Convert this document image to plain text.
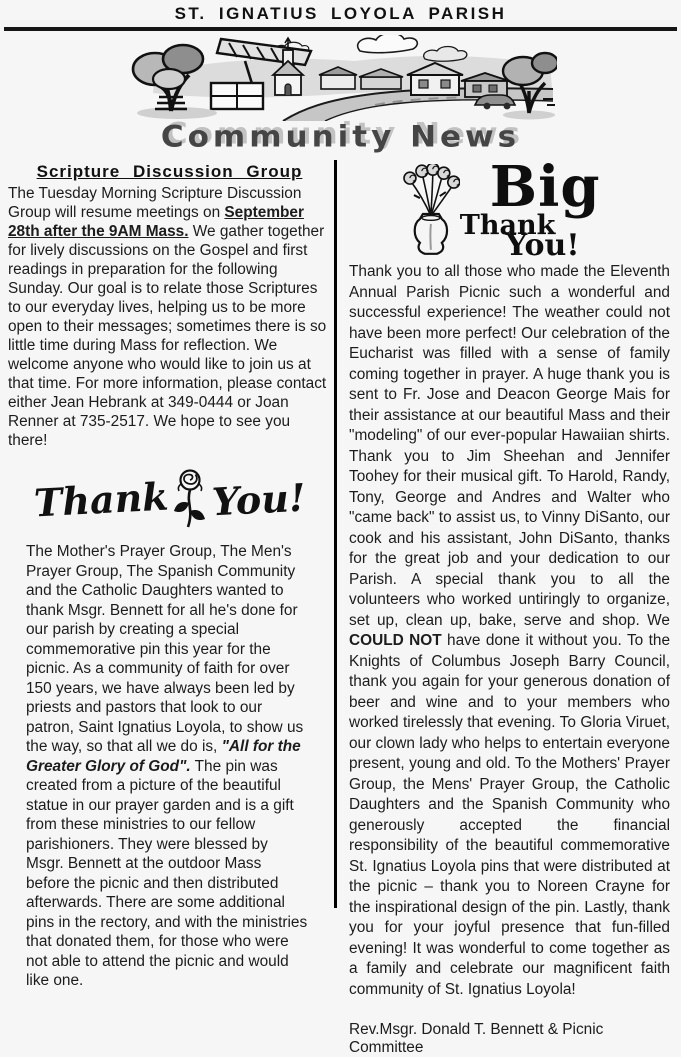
ST. IGNATIUS LOYOLA PARISH
Community News
Scripture Discussion Group

The Tuesday Morning Scripture Discussion Group will resume meetings on September 28th after the 9AM Mass. We gather together for lively discussions on the Gospel and first readings in preparation for the following Sunday. Our goal is to relate those Scriptures to our everyday lives, helping us to be more open to their messages; sometimes there is so little time during Mass for reflection. We welcome anyone who would like to join us at that time. For more information, please contact either Jean Hebrank at 349-0444 or Joan Renner at 735-2517. We hope to see you there!

Thank You!

The Mother's Prayer Group, The Men's Prayer Group, The Spanish Community and the Catholic Daughters wanted to thank Msgr. Bennett for all he's done for our parish by creating a special commemorative pin this year for the picnic. As a community of faith for over 150 years, we have always been led by priests and pastors that look to our patron, Saint Ignatius Loyola, to show us the way, so that all we do is, "All for the Greater Glory of God". The pin was created from a picture of the beautiful statue in our prayer garden and is a gift from these ministries to our fellow parishioners. They were blessed by Msgr. Bennett at the outdoor Mass before the picnic and then distributed afterwards. There are some additional pins in the rectory, and with the ministries that donated them, for those who were not able to attend the picnic and would like one.

Big
Thank
You!

Thank you to all those who made the Eleventh Annual Parish Picnic such a wonderful and successful experience! The weather could not have been more perfect! Our celebration of the Eucharist was filled with a sense of family coming together in prayer. A huge thank you is sent to Fr. Jose and Deacon George Mais for their assistance at our beautiful Mass and their "modeling" of our ever-popular Hawaiian shirts. Thank you to Jim Sheehan and Jennifer Toohey for their musical gift. To Harold, Randy, Tony, George and Andres and Walter who "came back" to assist us, to Vinny DiSanto, our cook and his assistant, John DiSanto, thanks for the great job and your dedication to our Parish. A special thank you to all the volunteers who worked untiringly to organize, set up, clean up, bake, serve and shop. We COULD NOT have done it without you. To the Knights of Columbus Joseph Barry Council, thank you again for your generous donation of beer and wine and to your members who worked tirelessly that evening. To Gloria Viruet, our clown lady who helps to entertain everyone present, young and old. To the Mothers' Prayer Group, the Mens' Prayer Group, the Catholic Daughters and the Spanish Community who generously accepted the financial responsibility of the beautiful commemorative St. Ignatius Loyola pins that were distributed at the picnic – thank you to Noreen Crayne for the inspirational design of the pin. Lastly, thank you for your joyful presence that fun-filled evening! It was wonderful to come together as a family and celebrate our magnificent faith community of St. Ignatius Loyola!

Rev.Msgr. Donald T. Bennett & Picnic Committee
